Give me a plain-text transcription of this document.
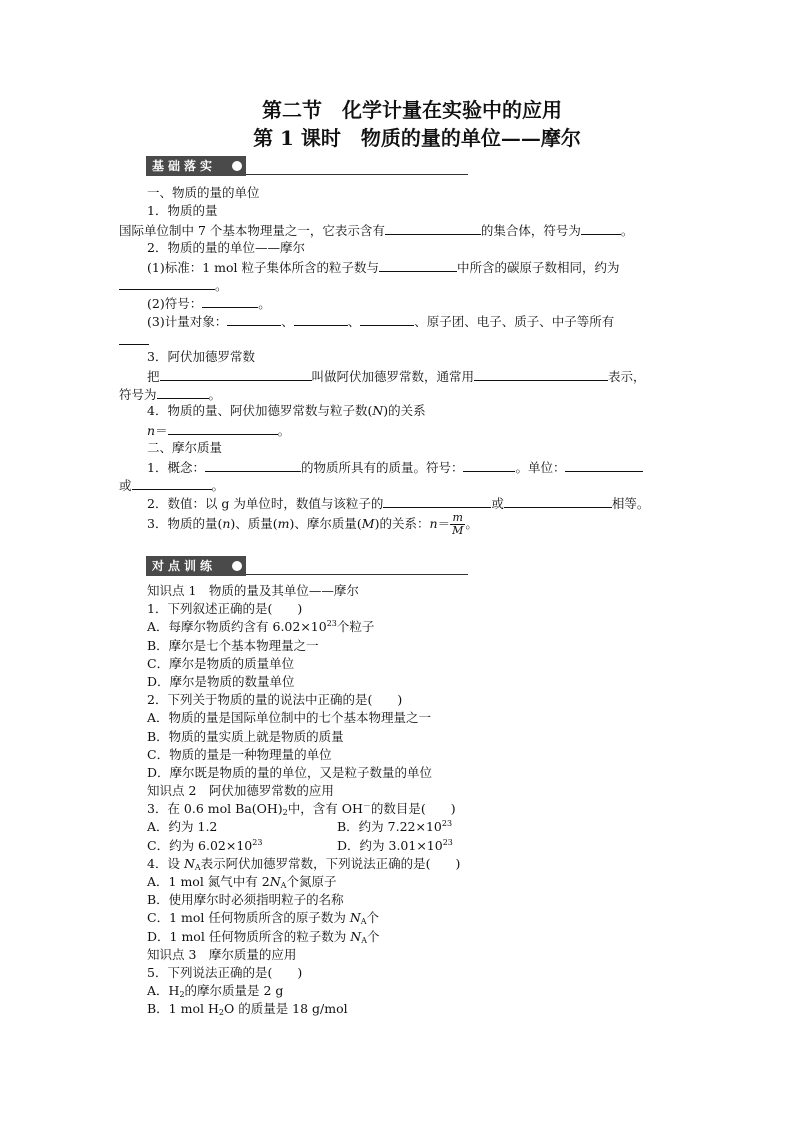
第二节　化学计量在实验中的应用
第 1 课时　物质的量的单位——摩尔
基础落实
一、物质的量的单位
1．物质的量
国际单位制中 7 个基本物理量之一，它表示含有	的集合体，符号为	。
2．物质的量的单位——摩尔
(1)标准：1 mol 粒子集体所含的粒子数与	中所含的碳原子数相同，约为
。
(2)符号：	。
(3)计量对象：	、	、	、原子团、电子、质子、中子等所有
3．阿伏加德罗常数
把	叫做阿伏加德罗常数，通常用	表示，
符号为	。
4．物质的量、阿伏加德罗常数与粒子数(N)的关系
n＝	。
二、摩尔质量
1．概念：	的物质所具有的质量。符号：	。单位：
或	。
2．数值：以 g 为单位时，数值与该粒子的	或	相等。
3．物质的量(n)、质量(m)、摩尔质量(M)的关系：$n= \frac{m}{M}$ 。
对点训练
知识点 1　物质的量及其单位——摩尔
1．下列叙述正确的是(　　)
A．每摩尔物质约含有 $6.02\times 10^{23}$个粒子
B．摩尔是七个基本物理量之一
C．摩尔是物质的质量单位
D．摩尔是物质的数量单位
2．下列关于物质的量的说法中正确的是(　　)
A．物质的量是国际单位制中的七个基本物理量之一
B．物质的量实质上就是物质的质量
C．物质的量是一种物理量的单位
D．摩尔既是物质的量的单位，又是粒子数量的单位
知识点 2　阿伏加德罗常数的应用
3．在 0.6 mol $Ba(OH)_2$中，含有 OH－的数目是(　　)
A．约为 1.2	B．约为 $7.22\times 10^{23}$
C．约为 $6.02\times 10^{23}$	D．约为 $3.01\times 10^{23}$
4．设 $N_A$表示阿伏加德罗常数，下列说法正确的是(　　)
A．1 mol 氮气中有 $2N_A$个氮原子
B．使用摩尔时必须指明粒子的名称
C．1 mol 任何物质所含的原子数为 $N_A$个
D．1 mol 任何物质所含的粒子数为 $N_A$个
知识点 3　摩尔质量的应用
5．下列说法正确的是(　　)
A．$H_2$的摩尔质量是 2 g
B．1 mol $H_2O$ 的质量是 18 g/mol
